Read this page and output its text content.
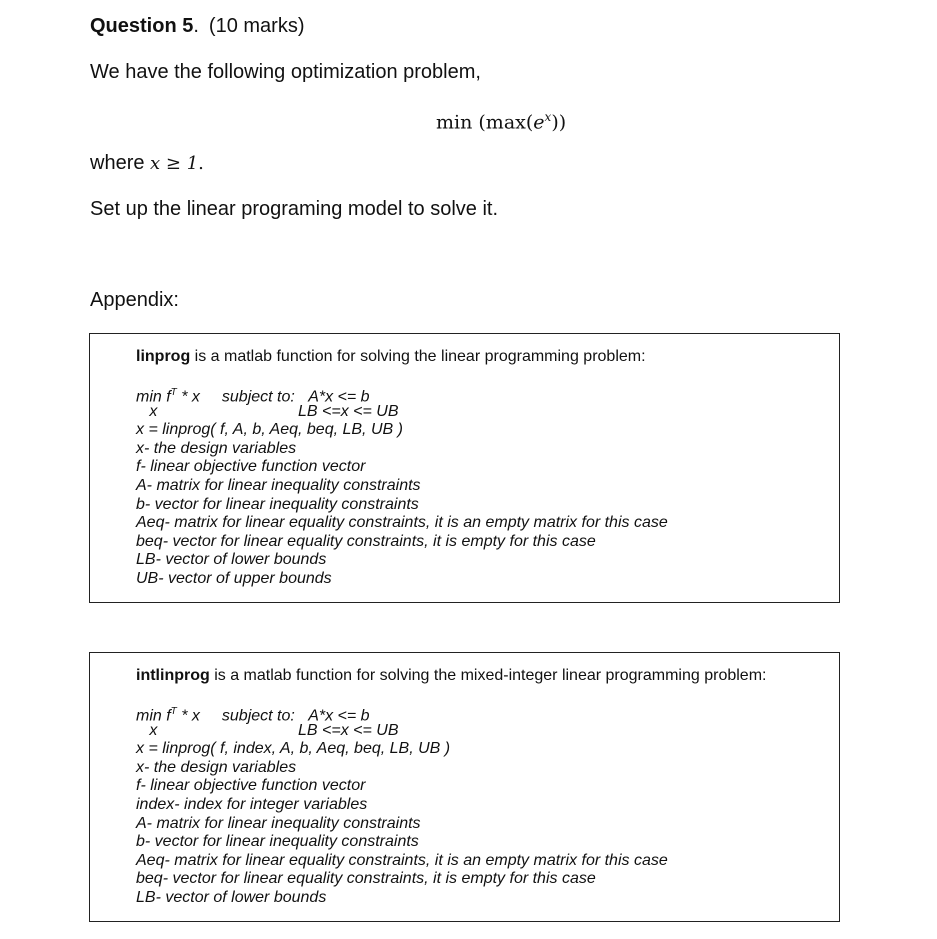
Question 5. (10 marks)
We have the following optimization problem,
$\min (\max(e^x))$
where x ≥ 1.
Set up the linear programing model to solve it.
Appendix:
linprog is a matlab function for solving the linear programming problem:
$\min f^T$ * x subject to: A*x <= b
x	LB <=x <= UB
x = linprog( f, A, b, Aeq, beq, LB, UB )
x- the design variables
f- linear objective function vector
A- matrix for linear inequality constraints
b- vector for linear inequality constraints
Aeq- matrix for linear equality constraints, it is an empty matrix for this case
beq- vector for linear equality constraints, it is empty for this case
LB- vector of lower bounds
UB- vector of upper bounds
intlinprog is a matlab function for solving the mixed-integer linear programming problem:
$\min f^T$ * x subject to: A*x <= b
x	LB <=x <= UB
x = linprog( f, index, A, b, Aeq, beq, LB, UB )
x- the design variables
f- linear objective function vector
index- index for integer variables
A- matrix for linear inequality constraints
b- vector for linear inequality constraints
Aeq- matrix for linear equality constraints, it is an empty matrix for this case
beq- vector for linear equality constraints, it is empty for this case
LB- vector of lower bounds
